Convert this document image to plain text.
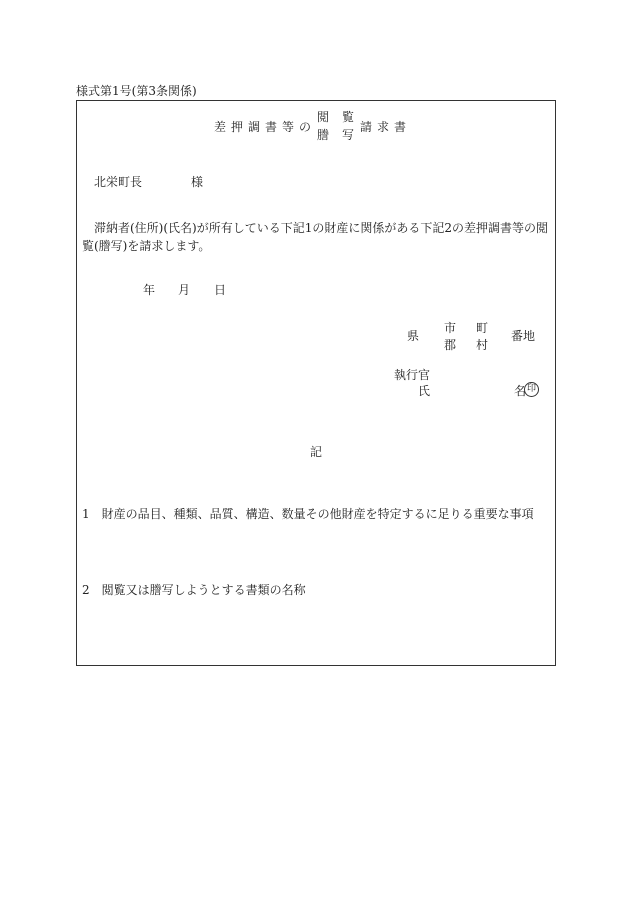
様式第1号(第3条関係)
差押調書等の
閲覧
謄写
請求書
北栄町長	様
滞納者(住所)(氏名)が所有している下記1の財産に関係がある下記2の差押調書等の閲覧(謄写)を請求します。
年 月 日
県
市
郡
町
村
番地
執行官
氏	名 印
記
1　財産の品目、種類、品質、構造、数量その他財産を特定するに足りる重要な事項
2　閲覧又は謄写しようとする書類の名称
